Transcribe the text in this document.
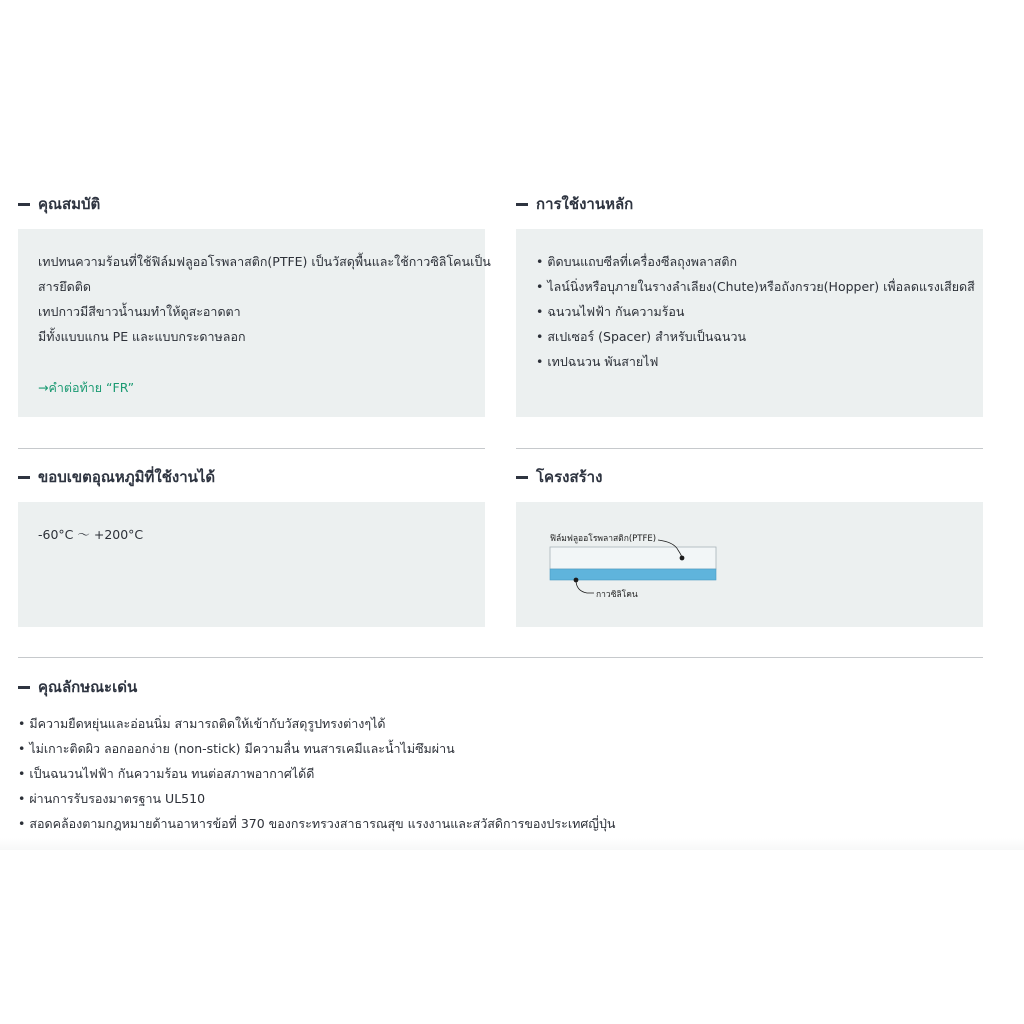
คุณสมบัติ
เทปทนความร้อนที่ใช้ฟิล์มฟลูออโรพลาสติก(PTFE) เป็นวัสดุพื้นและใช้กาวซิลิโคนเป็น
สารยึดติด
เทปกาวมีสีขาวน้ำนมทำให้ดูสะอาดตา
มีทั้งแบบแกน PE และแบบกระดาษลอก
→คำต่อท้าย “FR”
การใช้งานหลัก
• ติดบนแถบซีลที่เครื่องซีลถุงพลาสติก
• ไลน์นิ่งหรือบุภายในรางลำเลียง(Chute)หรือถังกรวย(Hopper) เพื่อลดแรงเสียดสี
• ฉนวนไฟฟ้า กันความร้อน
• สเปเซอร์ (Spacer) สำหรับเป็นฉนวน
• เทปฉนวน พันสายไฟ
ขอบเขตอุณหภูมิที่ใช้งานได้
-60°C ～ +200°C
โครงสร้าง
ฟิล์มฟลูออโรพลาสติก(PTFE)
กาวซิลิโคน
คุณลักษณะเด่น
• มีความยืดหยุ่นและอ่อนนิ่ม สามารถติดให้เข้ากับวัสดุรูปทรงต่างๆได้
• ไม่เกาะติดผิว ลอกออกง่าย (non-stick) มีความลื่น ทนสารเคมีและน้ำไม่ซึมผ่าน
• เป็นฉนวนไฟฟ้า กันความร้อน ทนต่อสภาพอากาศได้ดี
• ผ่านการรับรองมาตรฐาน UL510
• สอดคล้องตามกฎหมายด้านอาหารข้อที่ 370 ของกระทรวงสาธารณสุข แรงงานและสวัสดิการของประเทศญี่ปุ่น
